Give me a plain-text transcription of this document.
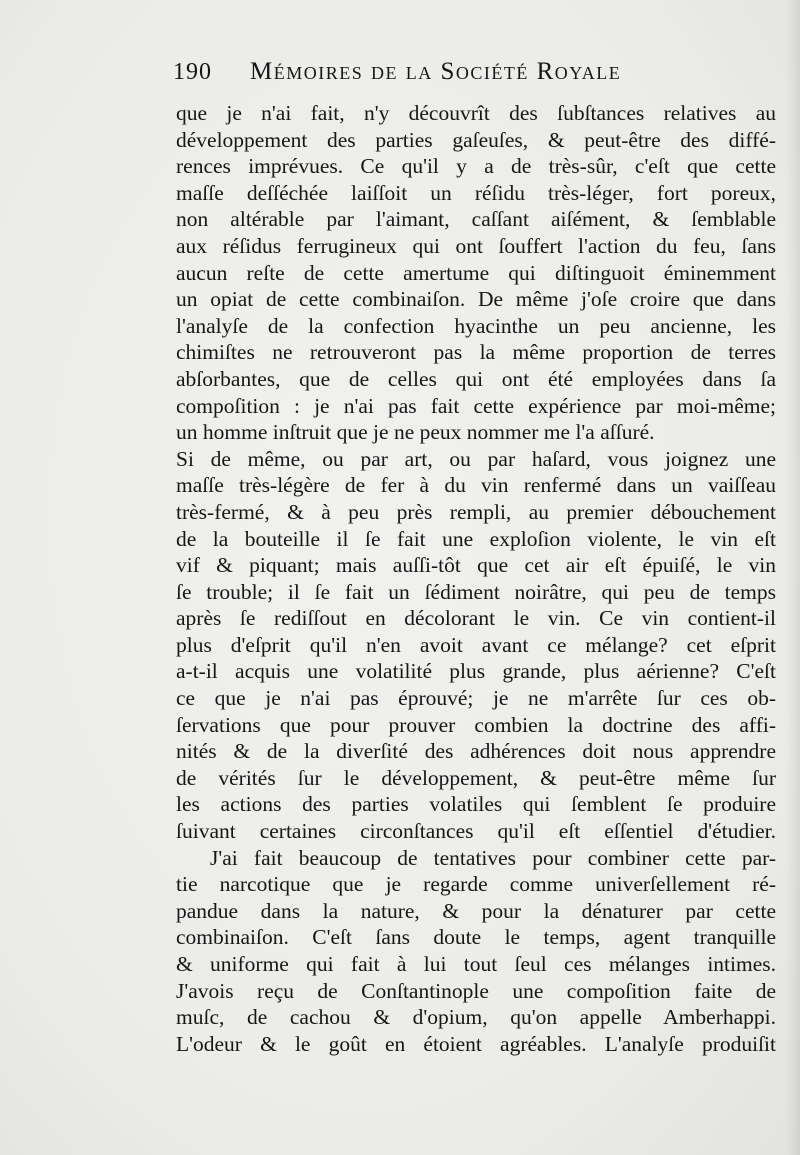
190 Mémoires de la Société Royale
que je n'ai fait, n'y découvrît des ſubſtances relatives au
développement des parties gaſeuſes, & peut-être des diffé-
rences imprévues. Ce qu'il y a de très-sûr, c'eſt que cette
maſſe deſſéchée laiſſoit un réſidu très-léger, fort poreux,
non altérable par l'aimant, caſſant aiſément, & ſemblable
aux réſidus ferrugineux qui ont ſouffert l'action du feu, ſans
aucun reſte de cette amertume qui diſtinguoit éminemment
un opiat de cette combinaiſon. De même j'oſe croire que dans
l'analyſe de la confection hyacinthe un peu ancienne, les
chimiſtes ne retrouveront pas la même proportion de terres
abſorbantes, que de celles qui ont été employées dans ſa
compoſition : je n'ai pas fait cette expérience par moi-même;
un homme inſtruit que je ne peux nommer me l'a aſſuré.
Si de même, ou par art, ou par haſard, vous joignez une
maſſe très-légère de fer à du vin renfermé dans un vaiſſeau
très-fermé, & à peu près rempli, au premier débouchement
de la bouteille il ſe fait une exploſion violente, le vin eſt
vif & piquant; mais auſſi-tôt que cet air eſt épuiſé, le vin
ſe trouble; il ſe fait un ſédiment noirâtre, qui peu de temps
après ſe rediſſout en décolorant le vin. Ce vin contient-il
plus d'eſprit qu'il n'en avoit avant ce mélange? cet eſprit
a-t-il acquis une volatilité plus grande, plus aérienne? C'eſt
ce que je n'ai pas éprouvé; je ne m'arrête ſur ces ob-
ſervations que pour prouver combien la doctrine des affi-
nités & de la diverſité des adhérences doit nous apprendre
de vérités ſur le développement, & peut-être même ſur
les actions des parties volatiles qui ſemblent ſe produire
ſuivant certaines circonſtances qu'il eſt eſſentiel d'étudier.
J'ai fait beaucoup de tentatives pour combiner cette par-
tie narcotique que je regarde comme univerſellement ré-
pandue dans la nature, & pour la dénaturer par cette
combinaiſon. C'eſt ſans doute le temps, agent tranquille
& uniforme qui fait à lui tout ſeul ces mélanges intimes.
J'avois reçu de Conſtantinople une compoſition faite de
muſc, de cachou & d'opium, qu'on appelle Amberhappi.
L'odeur & le goût en étoient agréables. L'analyſe produiſit
